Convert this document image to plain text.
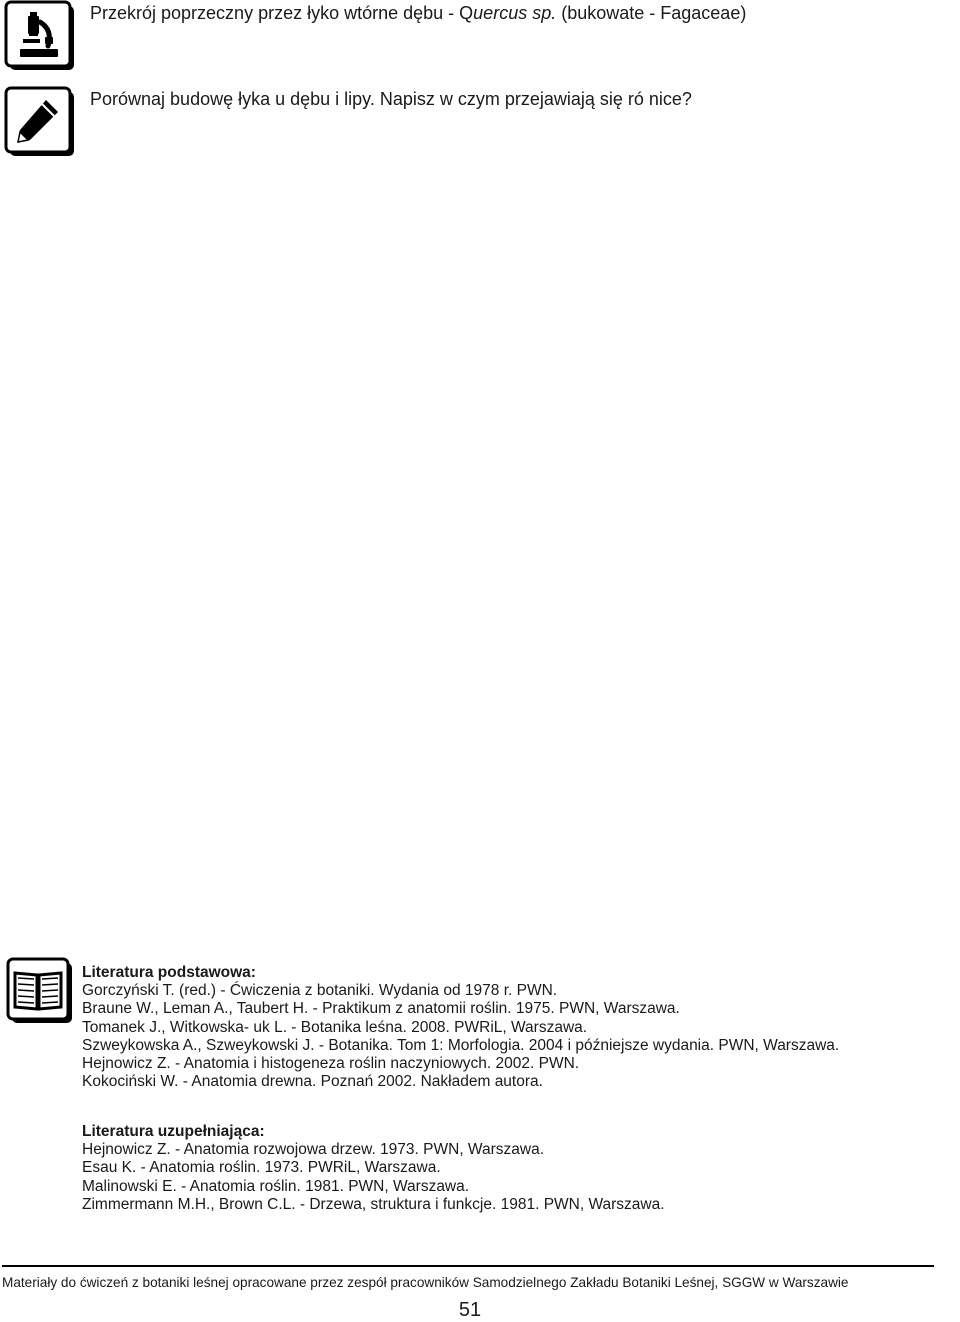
Przekrój poprzeczny przez łyko wtórne dębu - Quercus sp. (bukowate - Fagaceae)
Porównaj budowę łyka u dębu i lipy. Napisz w czym przejawiają się ró nice?
Literatura podstawowa:
Gorczyński T. (red.) - Ćwiczenia z botaniki. Wydania od 1978 r. PWN.
Braune W., Leman A., Taubert H. - Praktikum z anatomii roślin. 1975. PWN, Warszawa.
Tomanek J., Witkowska- uk L. - Botanika leśna. 2008. PWRiL, Warszawa.
Szweykowska A., Szweykowski J. - Botanika. Tom 1: Morfologia. 2004 i późniejsze wydania. PWN, Warszawa.
Hejnowicz Z. - Anatomia i histogeneza roślin naczyniowych. 2002. PWN.
Kokociński W. - Anatomia drewna. Poznań 2002. Nakładem autora.
Literatura uzupełniająca:
Hejnowicz Z. - Anatomia rozwojowa drzew. 1973. PWN, Warszawa.
Esau K. - Anatomia roślin. 1973. PWRiL, Warszawa.
Malinowski E. - Anatomia roślin. 1981. PWN, Warszawa.
Zimmermann M.H., Brown C.L. - Drzewa, struktura i funkcje. 1981. PWN, Warszawa.
Materiały do ćwiczeń z botaniki leśnej opracowane przez zespół pracowników Samodzielnego Zakładu Botaniki Leśnej, SGGW w Warszawie
51
